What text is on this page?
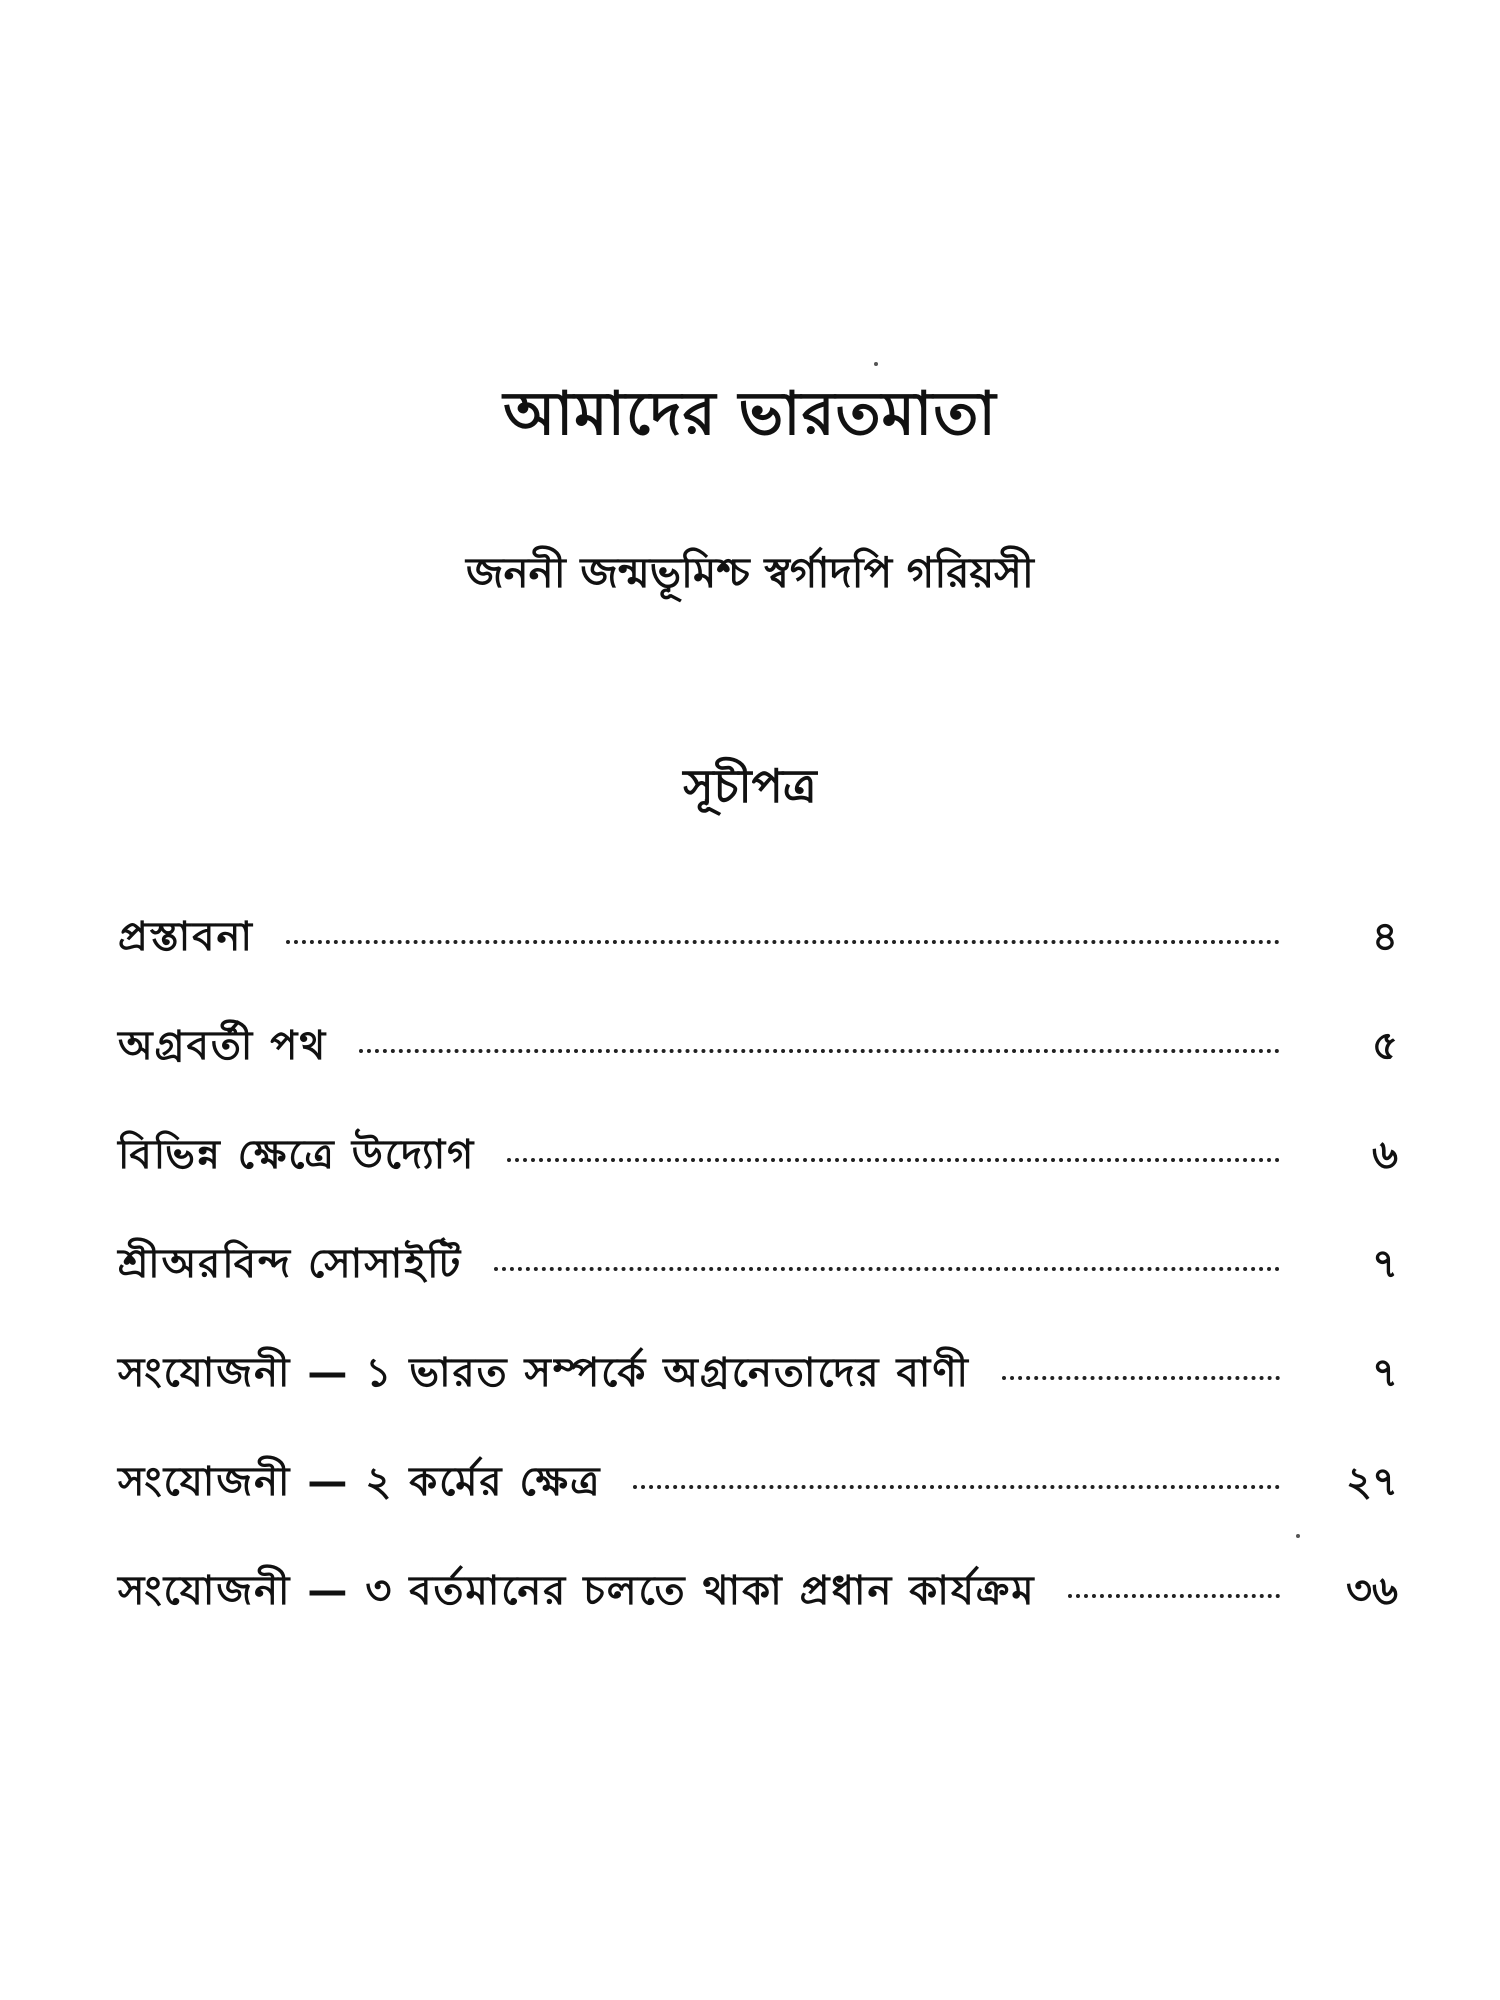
আমাদের ভারতমাতা
জননী জন্মভূমিশ্চ স্বর্গাদপি গরিয়সী
সূচীপত্র
প্রস্তাবনা	৪
অগ্রবর্তী পথ	৫
বিভিন্ন ক্ষেত্রে উদ্যোগ	৬
শ্রীঅরবিন্দ সোসাইটি	৭
সংযোজনী — ১ ভারত সম্পর্কে অগ্রনেতাদের বাণী	৭
সংযোজনী — ২ কর্মের ক্ষেত্র	২৭
সংযোজনী — ৩ বর্তমানের চলতে থাকা প্রধান কার্যক্রম	৩৬
